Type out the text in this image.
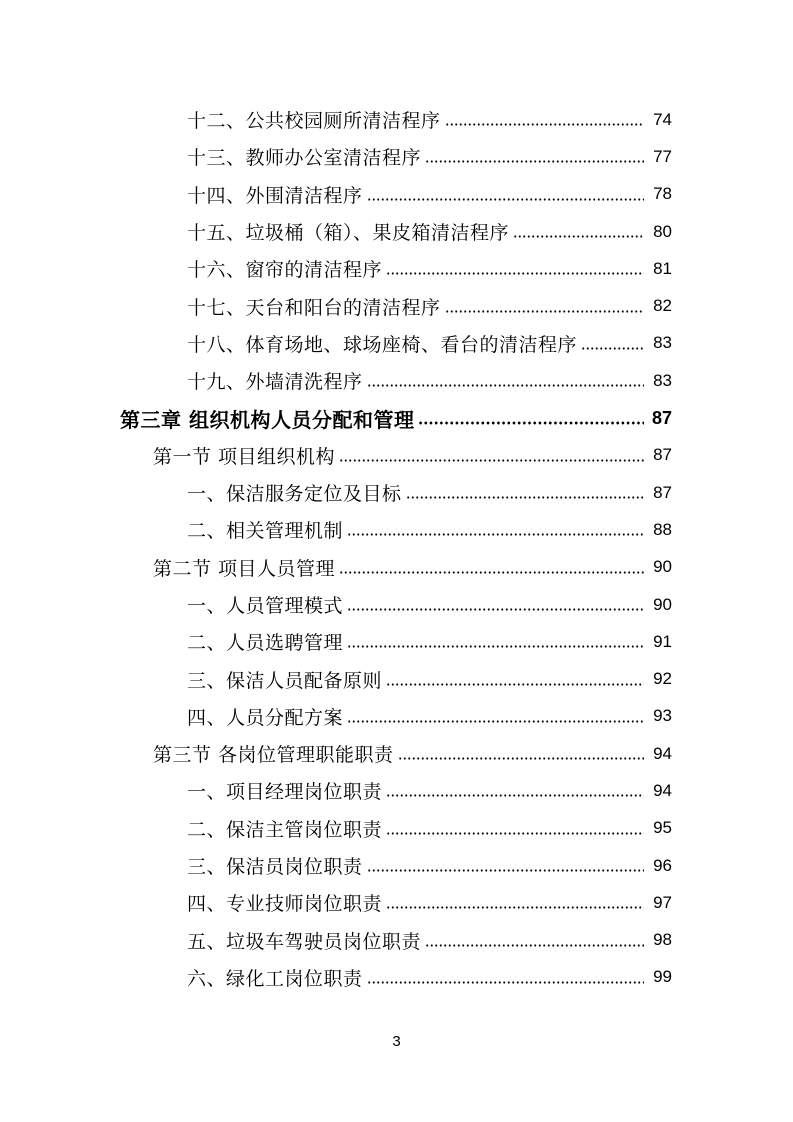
十二、公共校园厕所清洁程序	74
十三、教师办公室清洁程序	77
十四、外围清洁程序	78
十五、垃圾桶（箱）、果皮箱清洁程序	80
十六、窗帘的清洁程序	81
十七、天台和阳台的清洁程序	82
十八、体育场地、球场座椅、看台的清洁程序	83
十九、外墙清洗程序	83
第三章 组织机构人员分配和管理	87
第一节 项目组织机构	87
一、保洁服务定位及目标	87
二、相关管理机制	88
第二节 项目人员管理	90
一、人员管理模式	90
二、人员选聘管理	91
三、保洁人员配备原则	92
四、人员分配方案	93
第三节 各岗位管理职能职责	94
一、项目经理岗位职责	94
二、保洁主管岗位职责	95
三、保洁员岗位职责	96
四、专业技师岗位职责	97
五、垃圾车驾驶员岗位职责	98
六、绿化工岗位职责	99
3
